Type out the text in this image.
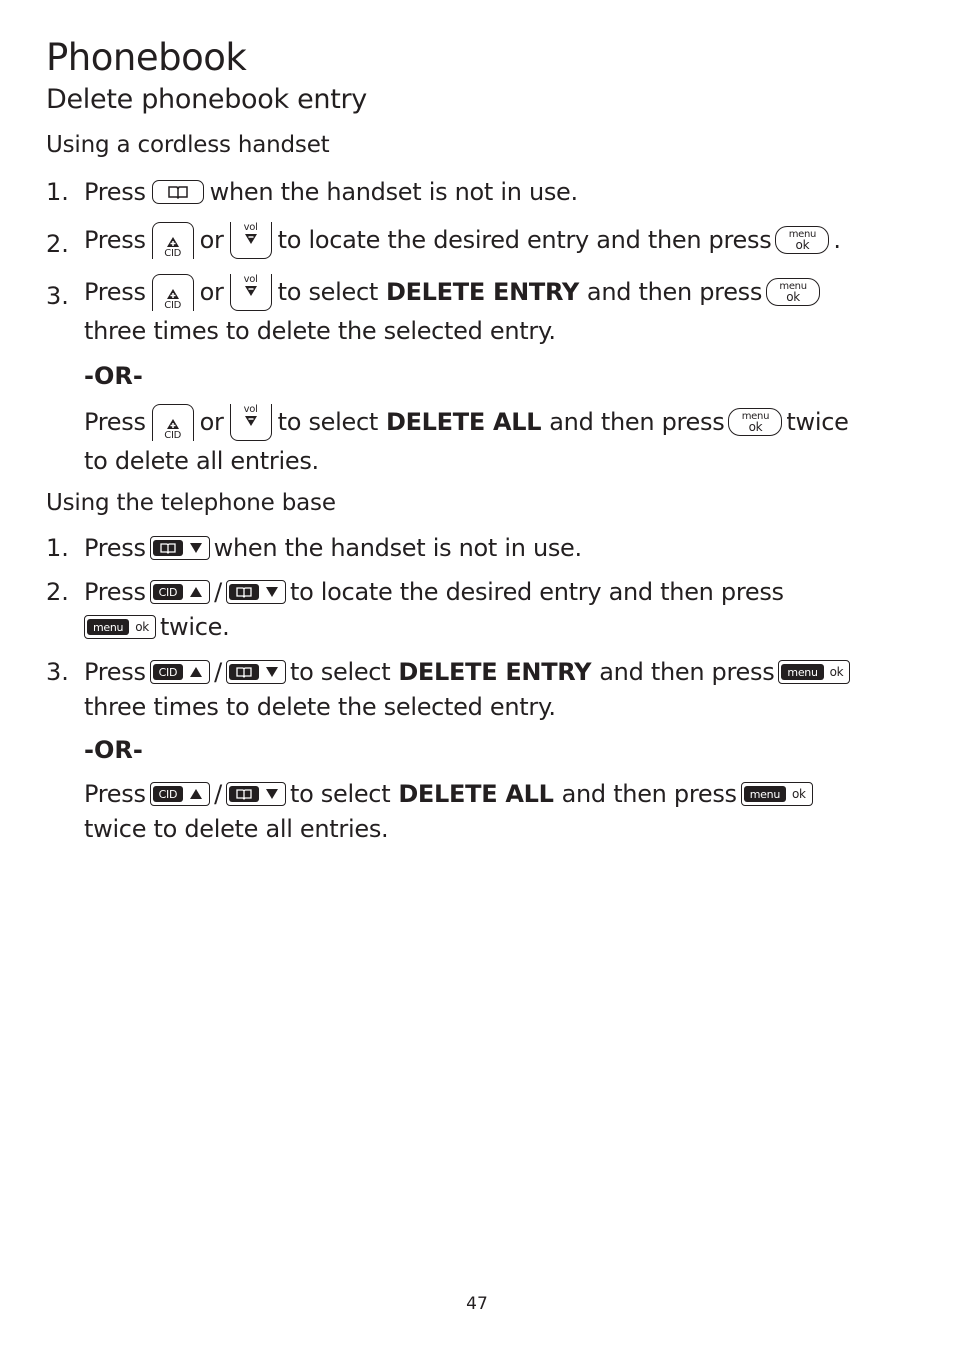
Phonebook
Delete phonebook entry
Using a cordless handset
1. Press	when the handset is not in use.
2. Press CID or vol to locate the desired entry and then press menu
ok .
3. Press CID or vol to select DELETE ENTRY and then press menu
ok
three times to delete the selected entry.
-OR-
Press CID or vol to select DELETE ALL and then press menu
ok twice
to delete all entries.
Using the telephone base
1. Press	when the handset is not in use.
2. Press	CID /	to locate the desired entry and then press
menu	ok twice.
3. Press	CID /	to select DELETE ENTRY and then press	menu	ok
three times to delete the selected entry.
-OR-
Press	CID /	to select DELETE ALL and then press	menu	ok
twice to delete all entries.
47
